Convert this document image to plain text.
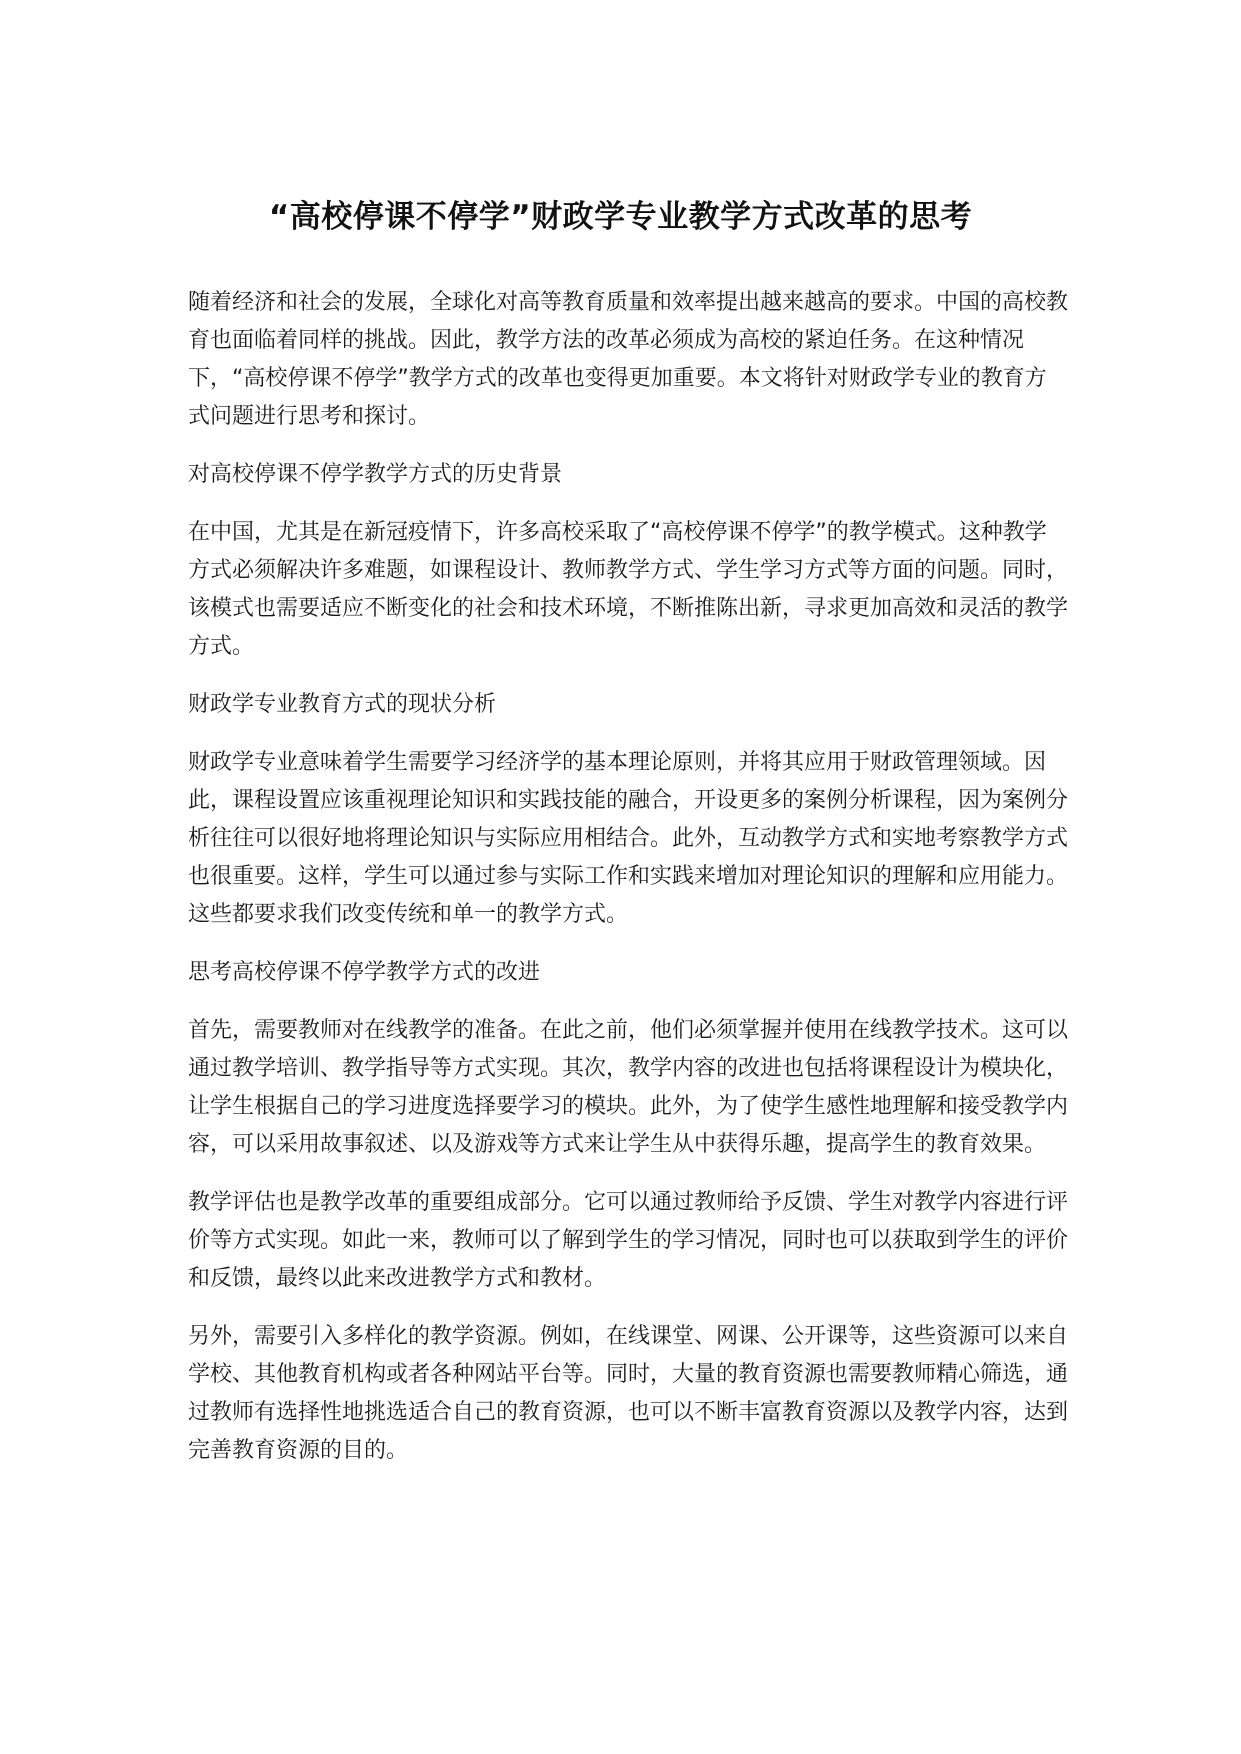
“高校停课不停学”财政学专业教学方式改革的思考

随着经济和社会的发展，全球化对高等教育质量和效率提出越来越高的要求。中国的高校教育也面临着同样的挑战。因此，教学方法的改革必须成为高校的紧迫任务。在这种情况下，“高校停课不停学”教学方式的改革也变得更加重要。本文将针对财政学专业的教育方式问题进行思考和探讨。

对高校停课不停学教学方式的历史背景

在中国，尤其是在新冠疫情下，许多高校采取了“高校停课不停学”的教学模式。这种教学方式必须解决许多难题，如课程设计、教师教学方式、学生学习方式等方面的问题。同时，该模式也需要适应不断变化的社会和技术环境，不断推陈出新，寻求更加高效和灵活的教学方式。

财政学专业教育方式的现状分析

财政学专业意味着学生需要学习经济学的基本理论原则，并将其应用于财政管理领域。因此，课程设置应该重视理论知识和实践技能的融合，开设更多的案例分析课程，因为案例分析往往可以很好地将理论知识与实际应用相结合。此外，互动教学方式和实地考察教学方式也很重要。这样，学生可以通过参与实际工作和实践来增加对理论知识的理解和应用能力。这些都要求我们改变传统和单一的教学方式。

思考高校停课不停学教学方式的改进

首先，需要教师对在线教学的准备。在此之前，他们必须掌握并使用在线教学技术。这可以通过教学培训、教学指导等方式实现。其次，教学内容的改进也包括将课程设计为模块化，让学生根据自己的学习进度选择要学习的模块。此外，为了使学生感性地理解和接受教学内容，可以采用故事叙述、以及游戏等方式来让学生从中获得乐趣，提高学生的教育效果。

教学评估也是教学改革的重要组成部分。它可以通过教师给予反馈、学生对教学内容进行评价等方式实现。如此一来，教师可以了解到学生的学习情况，同时也可以获取到学生的评价和反馈，最终以此来改进教学方式和教材。

另外，需要引入多样化的教学资源。例如，在线课堂、网课、公开课等，这些资源可以来自学校、其他教育机构或者各种网站平台等。同时，大量的教育资源也需要教师精心筛选，通过教师有选择性地挑选适合自己的教育资源，也可以不断丰富教育资源以及教学内容，达到完善教育资源的目的。
